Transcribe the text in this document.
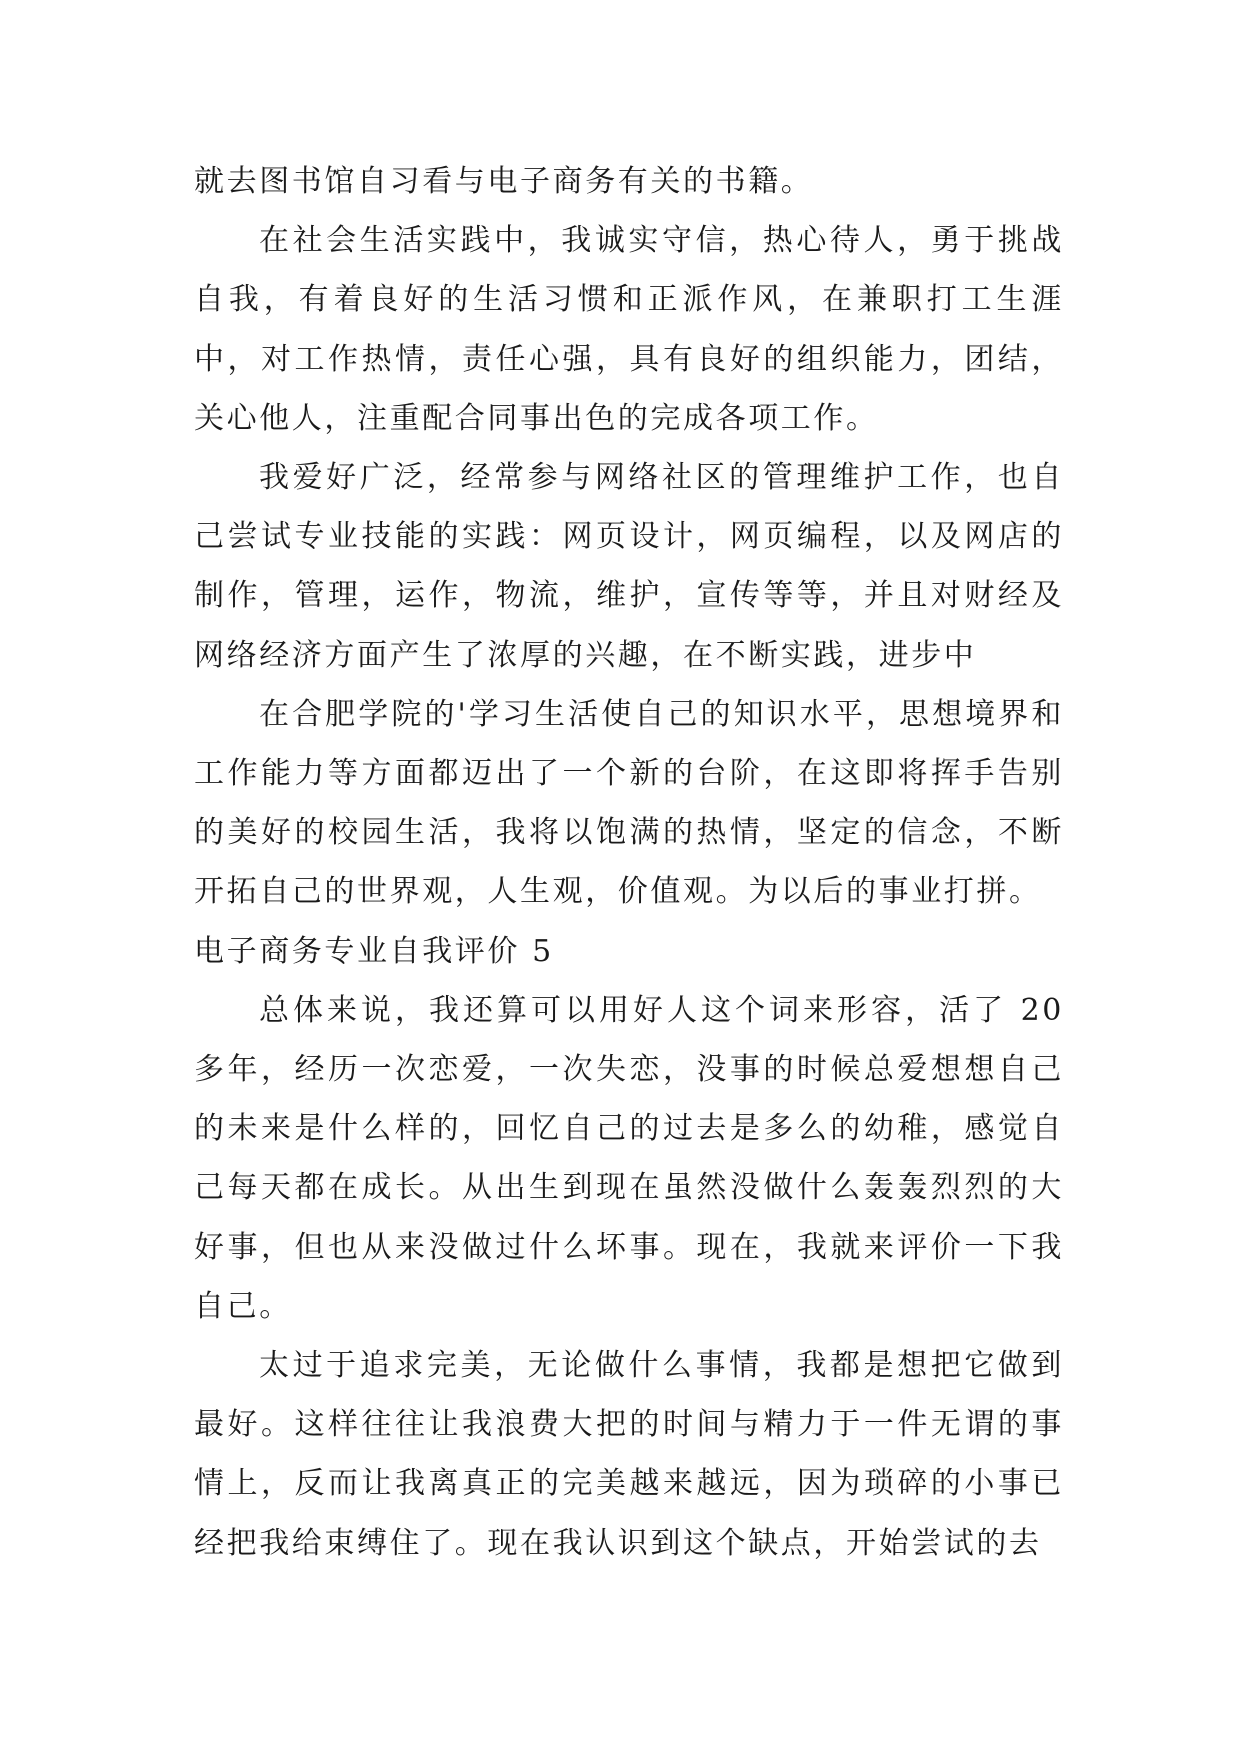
就去图书馆自习看与电子商务有关的书籍。

在社会生活实践中，我诚实守信，热心待人，勇于挑战自我，有着良好的生活习惯和正派作风，在兼职打工生涯中，对工作热情，责任心强，具有良好的组织能力，团结，关心他人，注重配合同事出色的完成各项工作。

我爱好广泛，经常参与网络社区的管理维护工作，也自己尝试专业技能的实践：网页设计，网页编程，以及网店的制作，管理，运作，物流，维护，宣传等等，并且对财经及网络经济方面产生了浓厚的兴趣，在不断实践，进步中

在合肥学院的'学习生活使自己的知识水平，思想境界和工作能力等方面都迈出了一个新的台阶，在这即将挥手告别的美好的校园生活，我将以饱满的热情，坚定的信念，不断开拓自己的世界观，人生观，价值观。为以后的事业打拼。

电子商务专业自我评价 5

总体来说，我还算可以用好人这个词来形容，活了 20 多年，经历一次恋爱，一次失恋，没事的时候总爱想想自己的未来是什么样的，回忆自己的过去是多么的幼稚，感觉自己每天都在成长。从出生到现在虽然没做什么轰轰烈烈的大好事，但也从来没做过什么坏事。现在，我就来评价一下我自己。

太过于追求完美，无论做什么事情，我都是想把它做到最好。这样往往让我浪费大把的时间与精力于一件无谓的事情上，反而让我离真正的完美越来越远，因为琐碎的小事已经把我给束缚住了。现在我认识到这个缺点，开始尝试的去
